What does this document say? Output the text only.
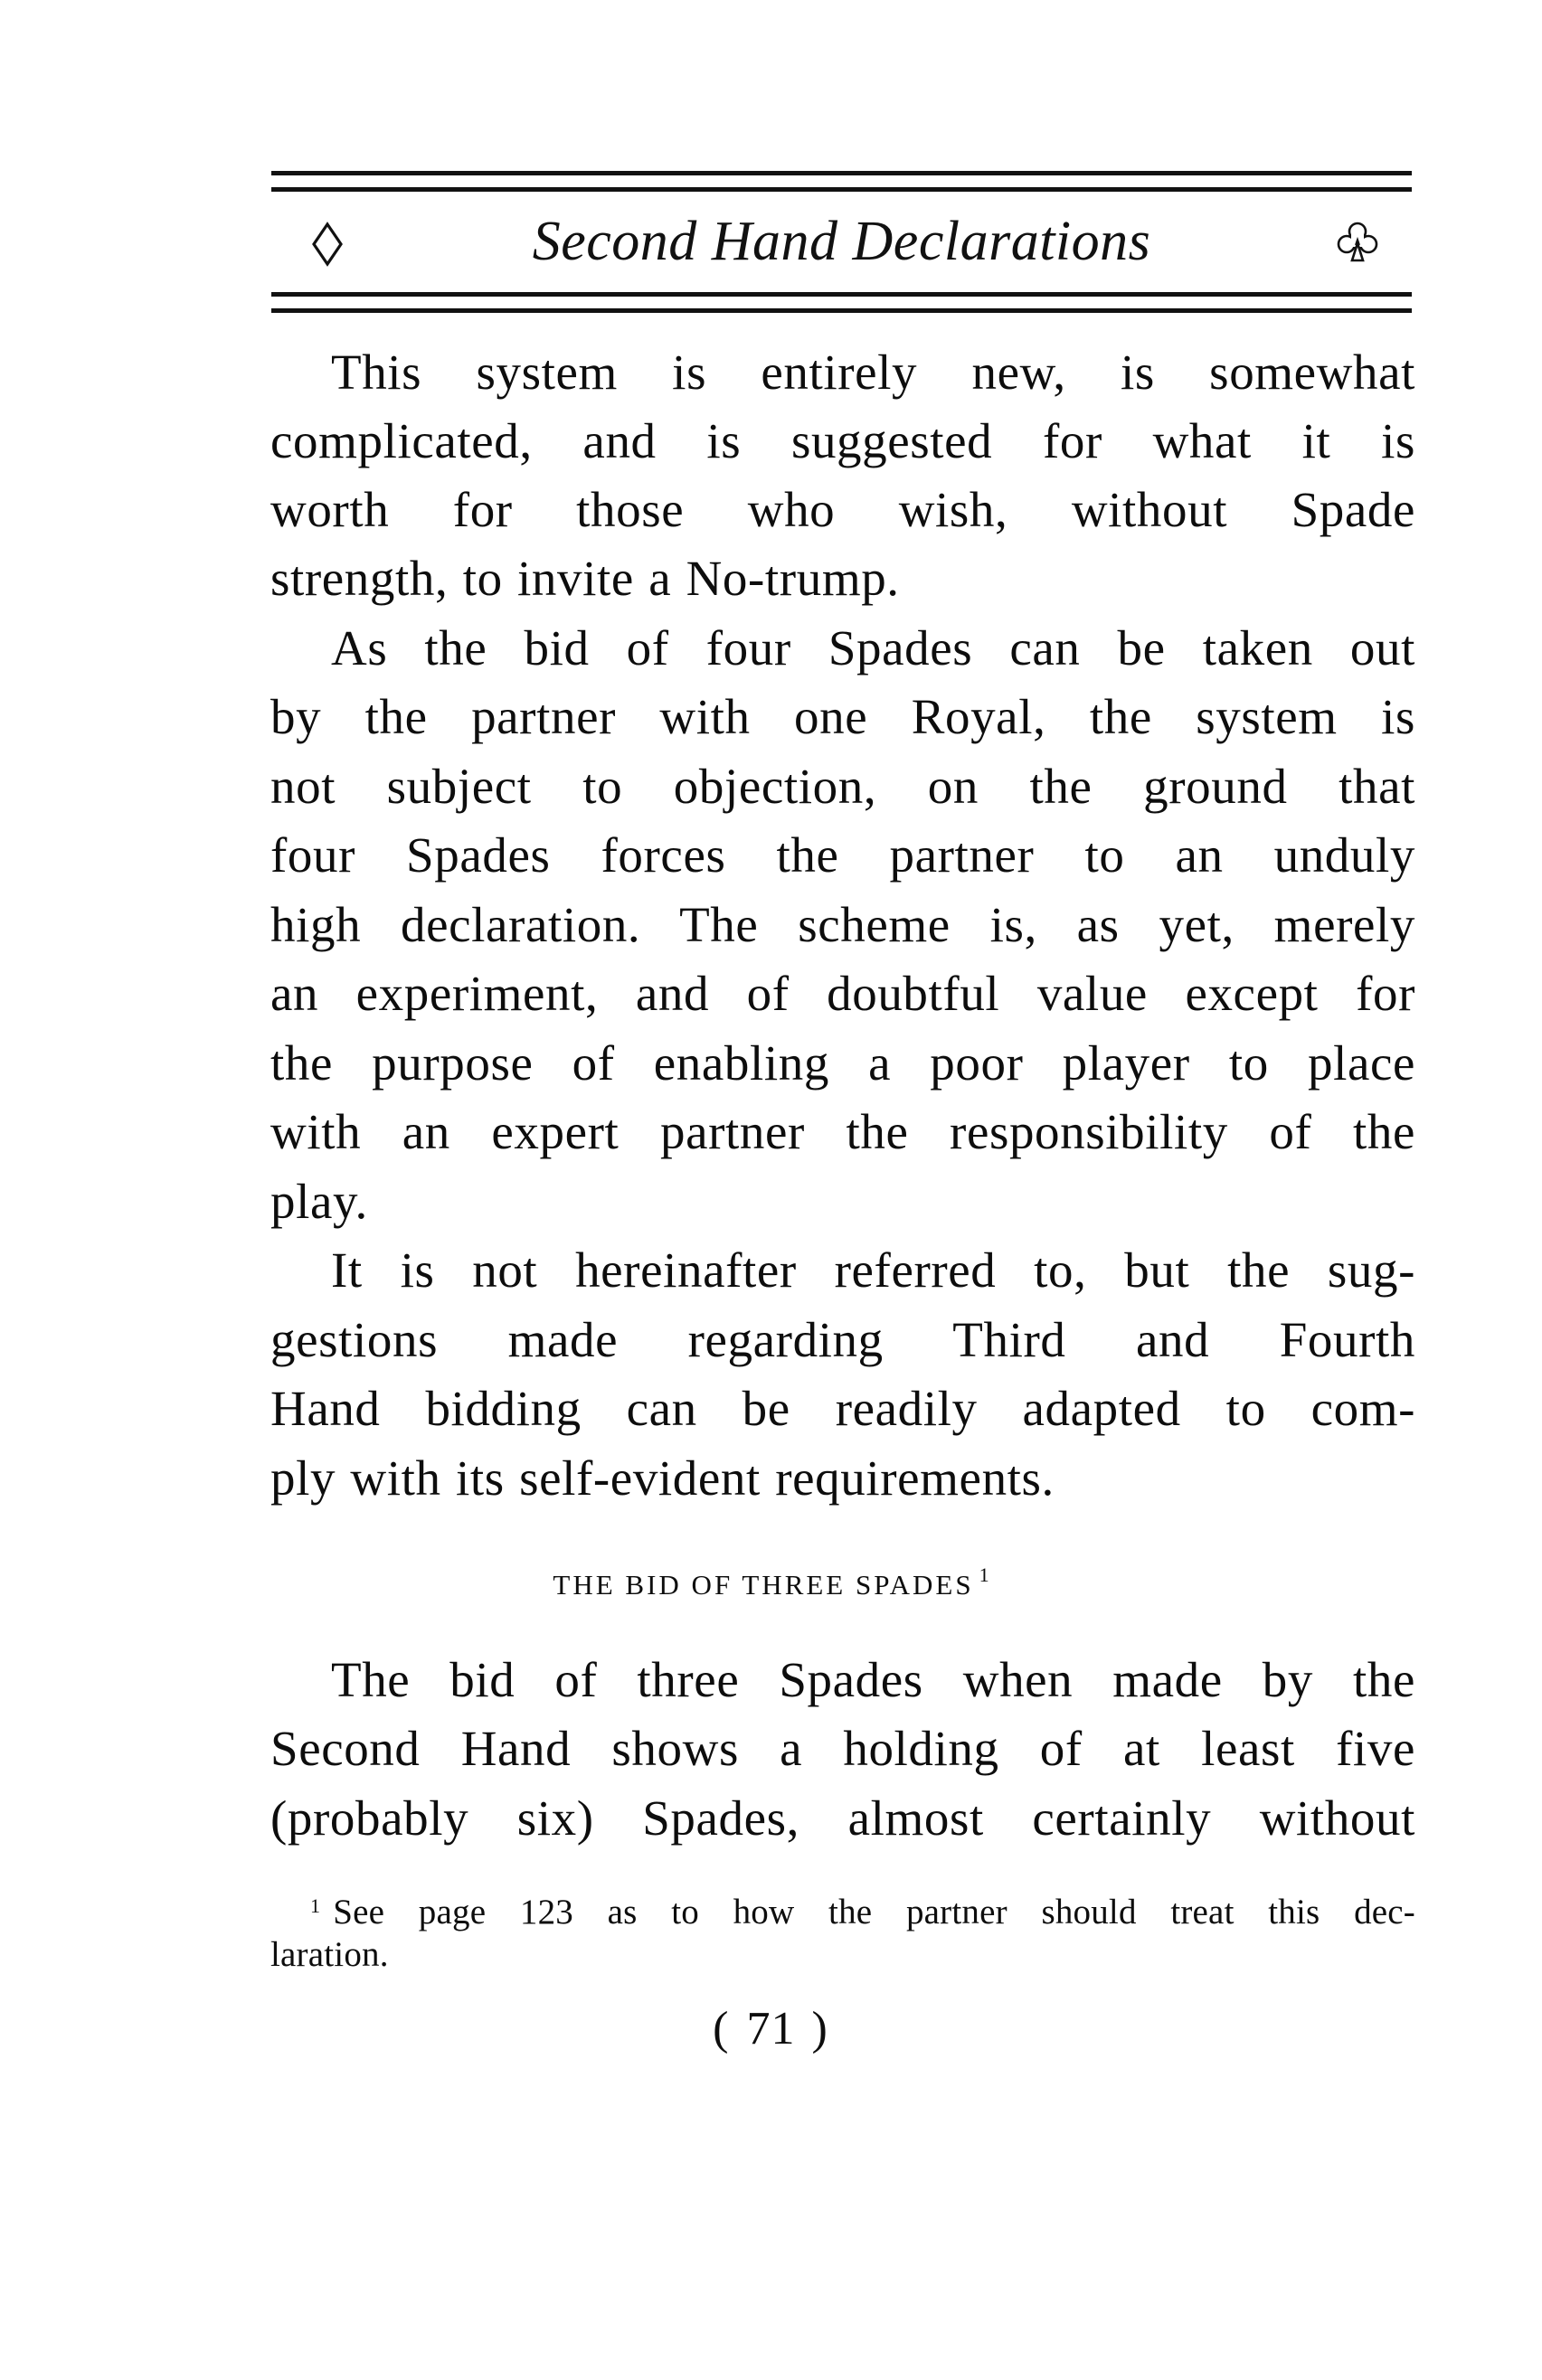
Second Hand Declarations
This system is entirely new, is somewhat
complicated, and is suggested for what it is
worth for those who wish, without Spade
strength, to invite a No-trump.
As the bid of four Spades can be taken out
by the partner with one Royal, the system is
not subject to objection, on the ground that
four Spades forces the partner to an unduly
high declaration. The scheme is, as yet, merely
an experiment, and of doubtful value except for
the purpose of enabling a poor player to place
with an expert partner the responsibility of the
play.
It is not hereinafter referred to, but the sug-
gestions made regarding Third and Fourth
Hand bidding can be readily adapted to com-
ply with its self-evident requirements.
THE BID OF THREE SPADES $^1$
The bid of three Spades when made by the
Second Hand shows a holding of at least five
(probably six) Spades, almost certainly without
$^1$ See page 123 as to how the partner should treat this dec-
laration.
( 71 )
